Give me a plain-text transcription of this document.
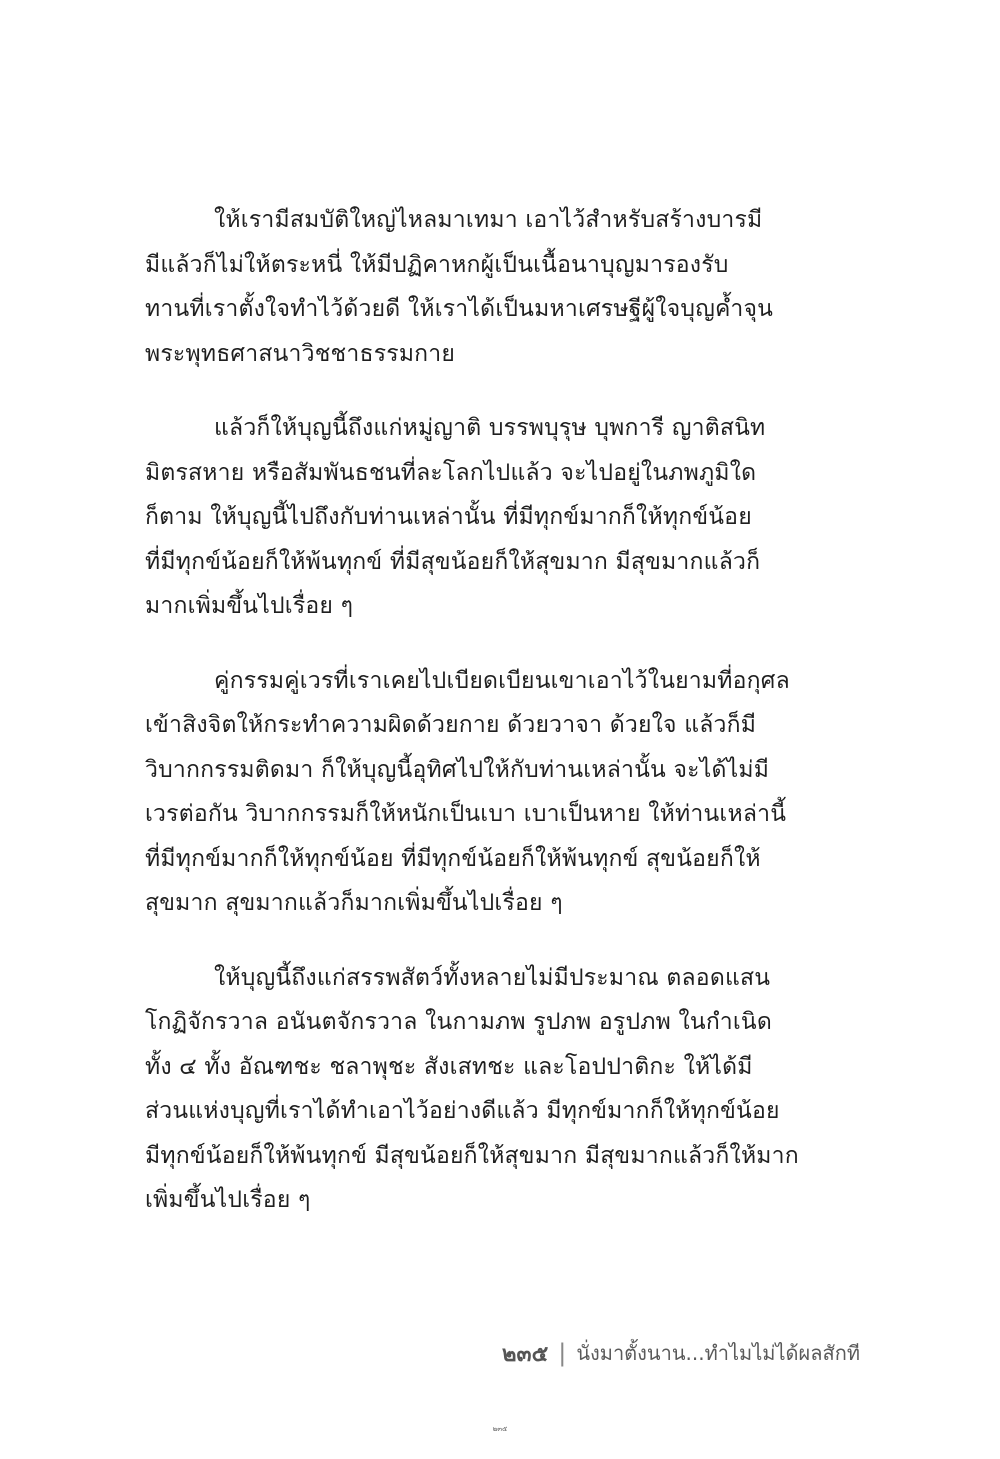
ให้เรามีสมบัติใหญ่ไหลมาเทมา เอาไว้สำหรับสร้างบารมี
มีแล้วก็ไม่ให้ตระหนี่ ให้มีปฏิคาหกผู้เป็นเนื้อนาบุญมารองรับ
ทานที่เราตั้งใจทำไว้ด้วยดี ให้เราได้เป็นมหาเศรษฐีผู้ใจบุญค้ำจุน
พระพุทธศาสนาวิชชาธรรมกาย

แล้วก็ให้บุญนี้ถึงแก่หมู่ญาติ บรรพบุรุษ บุพการี ญาติสนิท
มิตรสหาย หรือสัมพันธชนที่ละโลกไปแล้ว จะไปอยู่ในภพภูมิใด
ก็ตาม ให้บุญนี้ไปถึงกับท่านเหล่านั้น ที่มีทุกข์มากก็ให้ทุกข์น้อย
ที่มีทุกข์น้อยก็ให้พ้นทุกข์ ที่มีสุขน้อยก็ให้สุขมาก มีสุขมากแล้วก็
มากเพิ่มขึ้นไปเรื่อย ๆ

คู่กรรมคู่เวรที่เราเคยไปเบียดเบียนเขาเอาไว้ในยามที่อกุศล
เข้าสิงจิตให้กระทำความผิดด้วยกาย ด้วยวาจา ด้วยใจ แล้วก็มี
วิบากกรรมติดมา ก็ให้บุญนี้อุทิศไปให้กับท่านเหล่านั้น จะได้ไม่มี
เวรต่อกัน วิบากกรรมก็ให้หนักเป็นเบา เบาเป็นหาย ให้ท่านเหล่านี้
ที่มีทุกข์มากก็ให้ทุกข์น้อย ที่มีทุกข์น้อยก็ให้พ้นทุกข์ สุขน้อยก็ให้
สุขมาก สุขมากแล้วก็มากเพิ่มขึ้นไปเรื่อย ๆ

ให้บุญนี้ถึงแก่สรรพสัตว์ทั้งหลายไม่มีประมาณ ตลอดแสน
โกฏิจักรวาล อนันตจักรวาล ในกามภพ รูปภพ อรูปภพ ในกำเนิด
ทั้ง ๔ ทั้ง อัณฑชะ ชลาพุชะ สังเสทชะ และโอปปาติกะ ให้ได้มี
ส่วนแห่งบุญที่เราได้ทำเอาไว้อย่างดีแล้ว มีทุกข์มากก็ให้ทุกข์น้อย
มีทุกข์น้อยก็ให้พ้นทุกข์ มีสุขน้อยก็ให้สุขมาก มีสุขมากแล้วก็ให้มาก
เพิ่มขึ้นไปเรื่อย ๆ

๒๓๕ | นั่งมาตั้งนาน...ทำไมไม่ได้ผลสักที
๒๓๕
